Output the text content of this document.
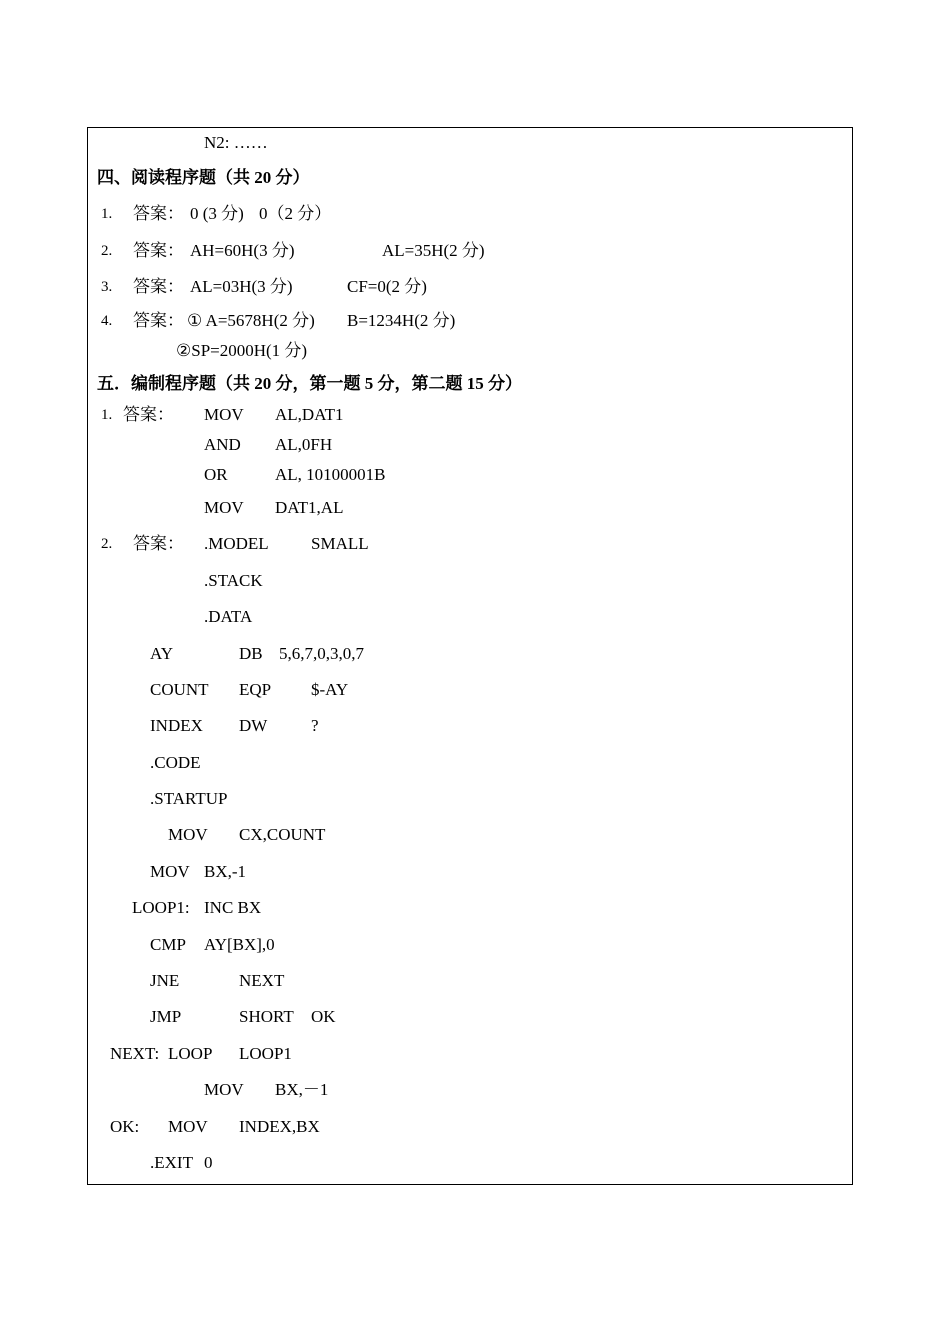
N2: ……
四、阅读程序题（共 20 分）
1. 答案： 0 (3 分) 0（2 分）
2. 答案： AH=60H(3 分)	AL=35H(2 分)
3. 答案： AL=03H(3 分)	CF=0(2 分)
4. 答案： ① A=5678H(2 分) B=1234H(2 分)
②SP=2000H(1 分)
五．编制程序题（共 20 分，第一题 5 分，第二题 15 分）
1. 答案： MOV AL,DAT1
AND AL,0FH
OR	AL, 10100001B
MOV DAT1,AL
2. 答案： .MODEL SMALL
.STACK
.DATA
AY	DB 5,6,7,0,3,0,7
COUNT EQP $-AY
INDEX DW	?
.CODE
.STARTUP
MOV CX,COUNT
MOV BX,-1
LOOP1: INC BX
CMP AY[BX],0
JNE	NEXT
JMP	SHORT OK
NEXT: LOOP LOOP1
MOV BX,－1
OK: MOV INDEX,BX
.EXIT 0
